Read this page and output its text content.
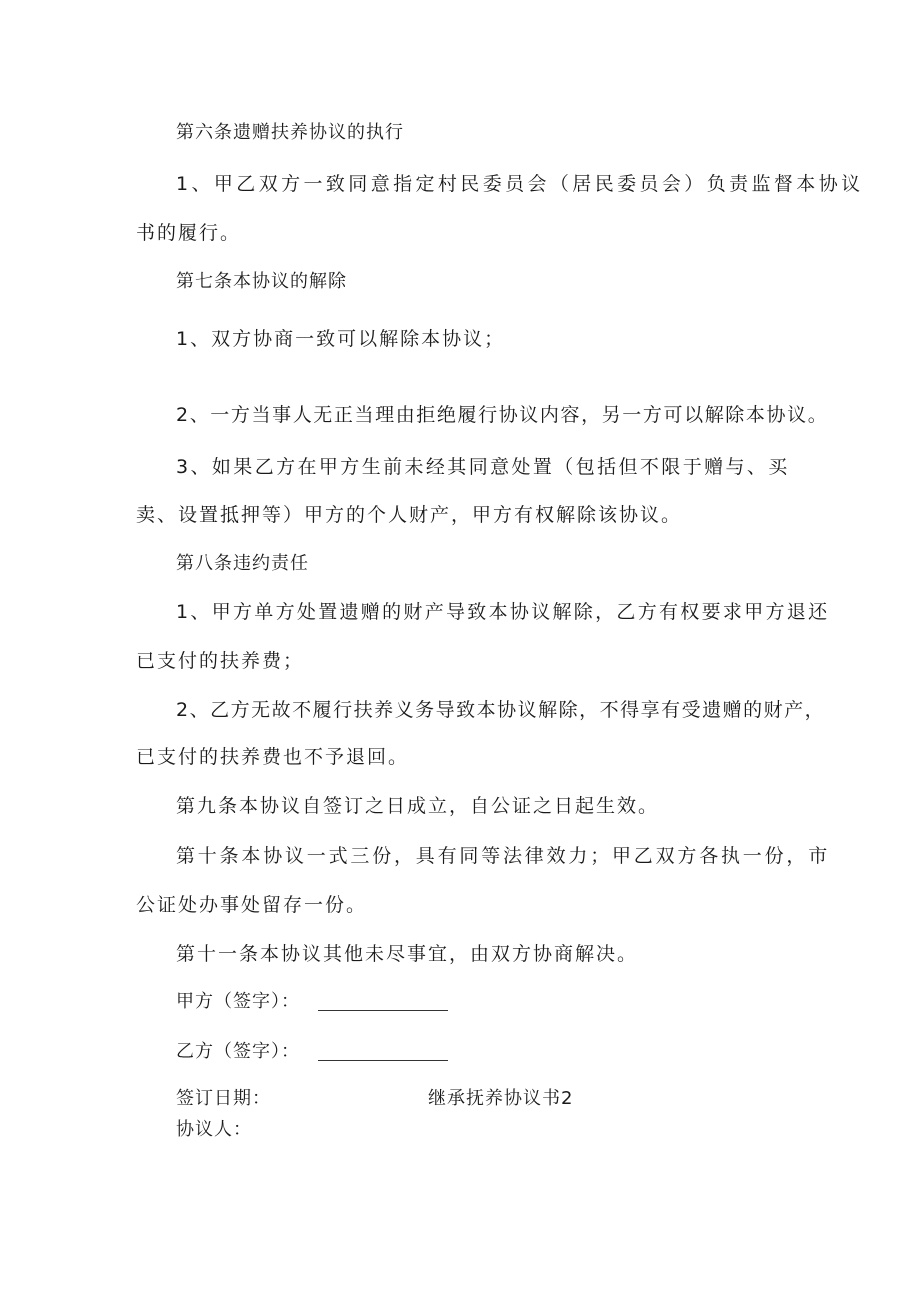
第六条遗赠扶养协议的执行
1、甲乙双方一致同意指定村民委员会（居民委员会）负责监督本协议
书的履行。
第七条本协议的解除
1、双方协商一致可以解除本协议；
2、一方当事人无正当理由拒绝履行协议内容，另一方可以解除本协议。
3、如果乙方在甲方生前未经其同意处置（包括但不限于赠与、买
卖、设置抵押等）甲方的个人财产，甲方有权解除该协议。
第八条违约责任
1、甲方单方处置遗赠的财产导致本协议解除，乙方有权要求甲方退还
已支付的扶养费；
2、乙方无故不履行扶养义务导致本协议解除，不得享有受遗赠的财产，
已支付的扶养费也不予退回。
第九条本协议自签订之日成立，自公证之日起生效。
第十条本协议一式三份，具有同等法律效力；甲乙双方各执一份，市
公证处办事处留存一份。
第十一条本协议其他未尽事宜，由双方协商解决。
甲方（签字）：
乙方（签字）：
签订日期：	继承抚养协议书2
协议人：
